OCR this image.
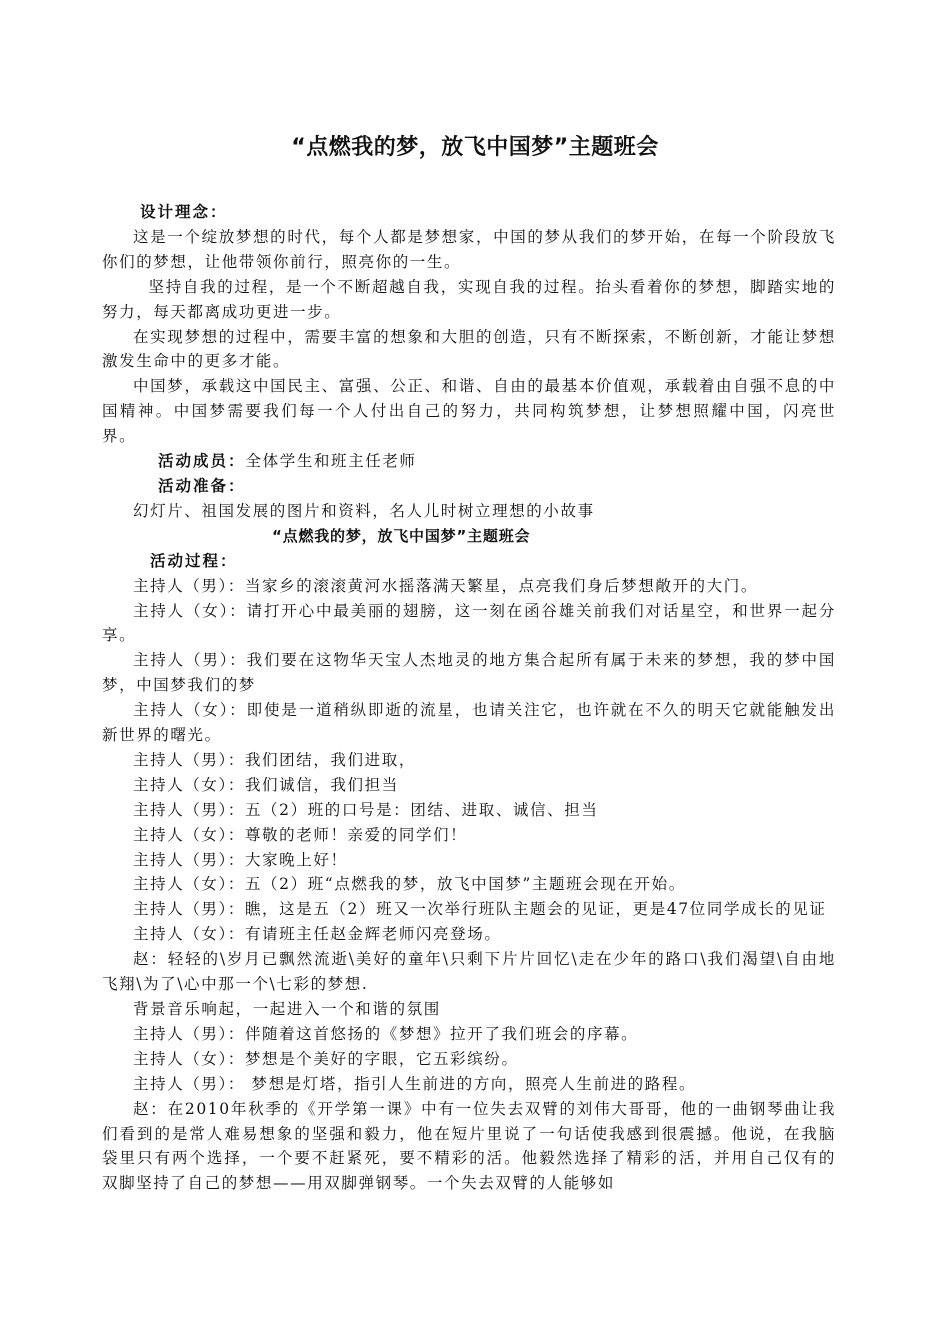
“点燃我的梦，放飞中国梦”主题班会

设计理念：

这是一个绽放梦想的时代，每个人都是梦想家，中国的梦从我们的梦开始，在每一个阶段放飞你们的梦想，让他带领你前行，照亮你的一生。

坚持自我的过程，是一个不断超越自我，实现自我的过程。抬头看着你的梦想，脚踏实地的努力，每天都离成功更进一步。

在实现梦想的过程中，需要丰富的想象和大胆的创造，只有不断探索，不断创新，才能让梦想激发生命中的更多才能。

中国梦，承载这中国民主、富强、公正、和谐、自由的最基本价值观，承载着由自强不息的中国精神。中国梦需要我们每一个人付出自己的努力，共同构筑梦想，让梦想照耀中国，闪亮世界。

活动成员：全体学生和班主任老师

活动准备：

幻灯片、祖国发展的图片和资料，名人儿时树立理想的小故事

“点燃我的梦，放飞中国梦”主题班会

活动过程：

主持人（男）：当家乡的滚滚黄河水摇落满天繁星，点亮我们身后梦想敞开的大门。

主持人（女）：请打开心中最美丽的翅膀，这一刻在函谷雄关前我们对话星空，和世界一起分享。

主持人（男）：我们要在这物华天宝人杰地灵的地方集合起所有属于未来的梦想，我的梦中国梦，中国梦我们的梦

主持人（女）：即使是一道稍纵即逝的流星，也请关注它，也许就在不久的明天它就能触发出新世界的曙光。

主持人（男）：我们团结，我们进取，

主持人（女）：我们诚信，我们担当

主持人（男）：五（2）班的口号是：团结、进取、诚信、担当

主持人（女）：尊敬的老师！亲爱的同学们！

主持人（男）：大家晚上好！

主持人（女）：五（2）班“点燃我的梦，放飞中国梦”主题班会现在开始。

主持人（男）：瞧，这是五（2）班又一次举行班队主题会的见证，更是47位同学成长的见证

主持人（女）：有请班主任赵金辉老师闪亮登场。

赵：轻轻的\岁月已飘然流逝\美好的童年\只剩下片片回忆\走在少年的路口\我们渴望\自由地飞翔\为了\心中那一个\七彩的梦想.

背景音乐响起，一起进入一个和谐的氛围

主持人（男）：伴随着这首悠扬的《梦想》拉开了我们班会的序幕。

主持人（女）：梦想是个美好的字眼，它五彩缤纷。

主持人（男）： 梦想是灯塔，指引人生前进的方向，照亮人生前进的路程。

赵：在2010年秋季的《开学第一课》中有一位失去双臂的刘伟大哥哥，他的一曲钢琴曲让我们看到的是常人难易想象的坚强和毅力，他在短片里说了一句话使我感到很震撼。他说，在我脑袋里只有两个选择，一个要不赶紧死，要不精彩的活。他毅然选择了精彩的活，并用自己仅有的双脚坚持了自己的梦想——用双脚弹钢琴。一个失去双臂的人能够如
